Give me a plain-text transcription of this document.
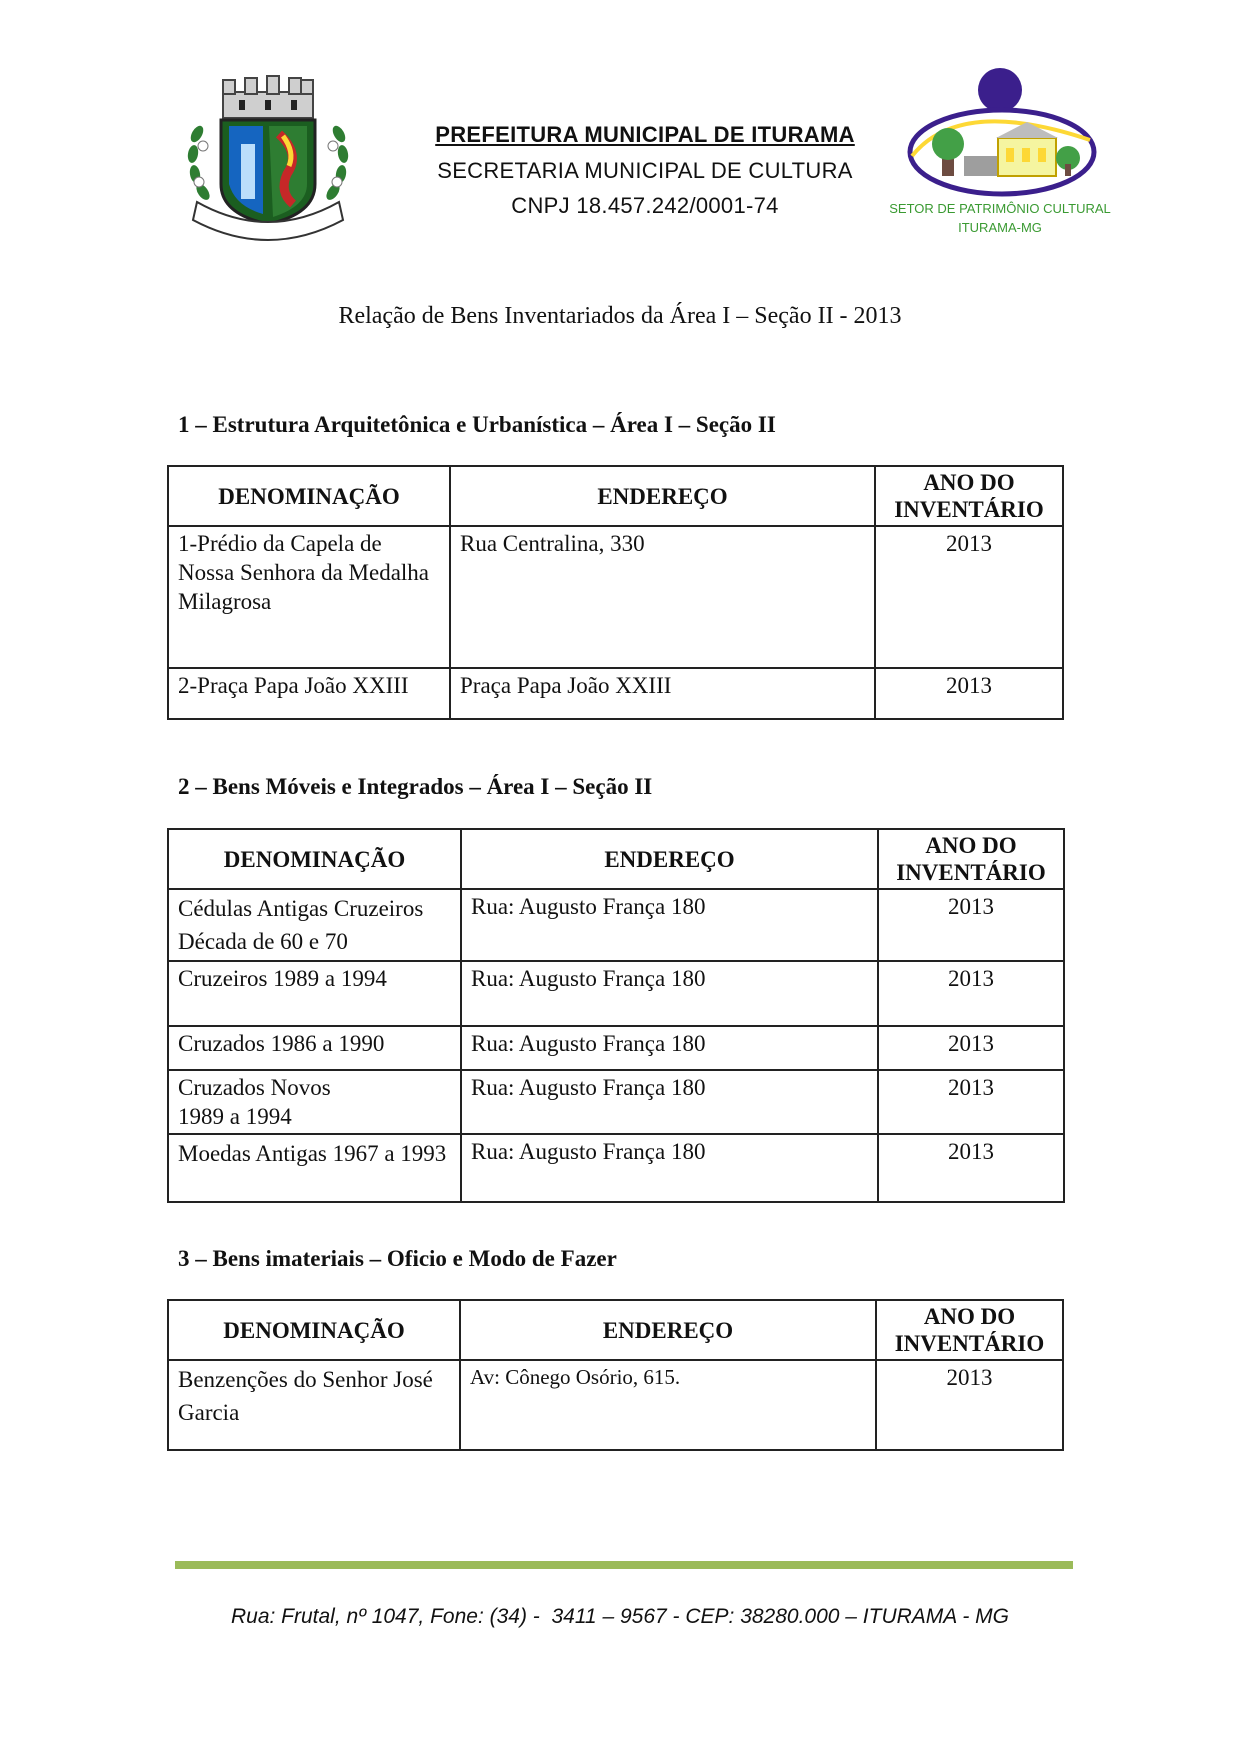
PREFEITURA MUNICIPAL DE ITURAMA
SECRETARIA MUNICIPAL DE CULTURA
CNPJ 18.457.242/0001-74	SETOR DE PATRIMÔNIO CULTURAL
ITURAMA-MG
Relação de Bens Inventariados da Área I – Seção II - 2013
1 – Estrutura Arquitetônica e Urbanística – Área I – Seção II
DENOMINAÇÃO	ENDEREÇO	ANO DO
INVENTÁRIO
1-Prédio da Capela de Nossa Senhora da Medalha Milagrosa	Rua Centralina, 330	2013
2-Praça Papa João XXIII	Praça Papa João XXIII	2013
2 – Bens Móveis e Integrados – Área I – Seção II
DENOMINAÇÃO	ENDEREÇO	ANO DO
INVENTÁRIO
Cédulas Antigas Cruzeiros Década de 60 e 70	Rua: Augusto França 180	2013
Cruzeiros 1989 a 1994	Rua: Augusto França 180	2013
Cruzados 1986 a 1990	Rua: Augusto França 180	2013
Cruzados Novos 1989 a 1994	Rua: Augusto França 180	2013
Moedas Antigas 1967 a 1993	Rua: Augusto França 180	2013
3 – Bens imateriais – Oficio e Modo de Fazer
DENOMINAÇÃO	ENDEREÇO	ANO DO
INVENTÁRIO
Benzenções do Senhor José Garcia	Av: Cônego Osório, 615.	2013
Rua: Frutal, nº 1047, Fone: (34) -  3411 – 9567 - CEP: 38280.000 – ITURAMA - MG
